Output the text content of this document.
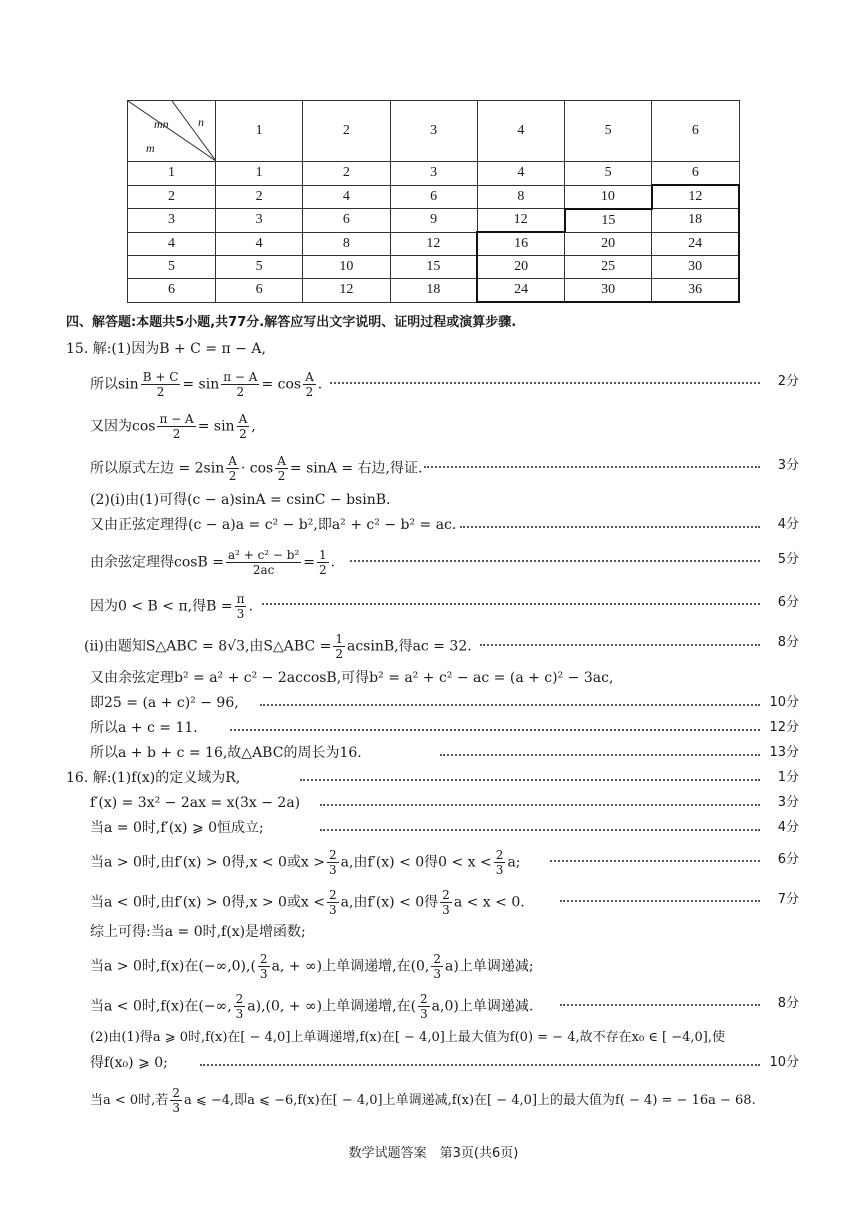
mn n
m	1	2	3	4	5	6
1	1	2	3	4	5	6
2	2	4	6	8	10	12
3	3	6	9	12	15	18
4	4	8	12	16	20	24
5	5	10	15	20	25	30
6	6	12	18	24	30	36
四、解答题:本题共5小题,共77分.解答应写出文字说明、证明过程或演算步骤.
15. 解:(1)因为B + C = π − A,
所以$\sin \frac{B + C}{2} = \sin \frac{\pi - A}{2} = \cos \frac{A}{2}$ .	2分
又因为$\cos \frac{\pi - A}{2} = \sin \frac{A}{2}$ ,
所以原式左边 = $2\sin \frac{A}{2} \cdot \cos \frac{A}{2} = \sin A$ = 右边,得证.	3分
(2)(ⅰ)由(1)可得(c − a)sinA = csinC − bsinB.
又由正弦定理得(c − a)a = c² − b²,即a² + c² − b² = ac.	4分
由余弦定理得$\cos B = \frac{\text{a² + c² − b²}}{2ac} = \frac{1}{2}$ .	5分
因为0 < B < π,得$B = \frac{\pi}{3}$ .	6分
(ⅱ)由题知S△ABC = 8√3,由S△ABC = $\frac{1}{2} acsinB$,得ac = 32.	8分
又由余弦定理b² = a² + c² − 2accosB,可得b² = a² + c² − ac = (a + c)² − 3ac,
即25 = (a + c)² − 96,	10分
所以a + c = 11.	12分
所以a + b + c = 16,故△ABC的周长为16.	13分
16. 解:(1)f(x)的定义域为R,	1分
f′(x) = 3x² − 2ax = x(3x − 2a)	3分
当a = 0时,f′(x) ⩾ 0恒成立;	4分
当a > 0时,由f′(x) > 0得,x < 0或$x > \frac{2}{3} a$,由f′(x) < 0得$0 < x < \frac{2}{3} a$;	6分
当a < 0时,由f′(x) > 0得,x > 0或$x < \frac{2}{3} a$,由f′(x) < 0得 $\frac{2}{3}$ a < x < 0.	7分
综上可得:当a = 0时,f(x)是增函数;
当a > 0时,f(x)在$(-\infty,0),( \frac{2}{3} a$, + ∞)上单调递增,在(0, $\frac{2}{3} a$)上单调递减;
当a < 0时,f(x)在(−∞, $\frac{2}{3} a),(0$, + ∞)上单调递增,在( $\frac{2}{3} a,0$)上单调递减.	8分
(2)由(1)得a ⩾ 0时,f(x)在[ − 4,0]上单调递增,f(x)在[ − 4,0]上最大值为f(0) = − 4,故不存在x₀ ∈ [ −4,0],使
得f(x₀) ⩾ 0;	10分
当a < 0时,若 $\frac{2}{3}$ a ⩽ −4,即a ⩽ −6,f(x)在[ − 4,0]上单调递减,f(x)在[ − 4,0]上的最大值为f( − 4) = − 16a − 68.
数学试题答案　第3页(共6页)
